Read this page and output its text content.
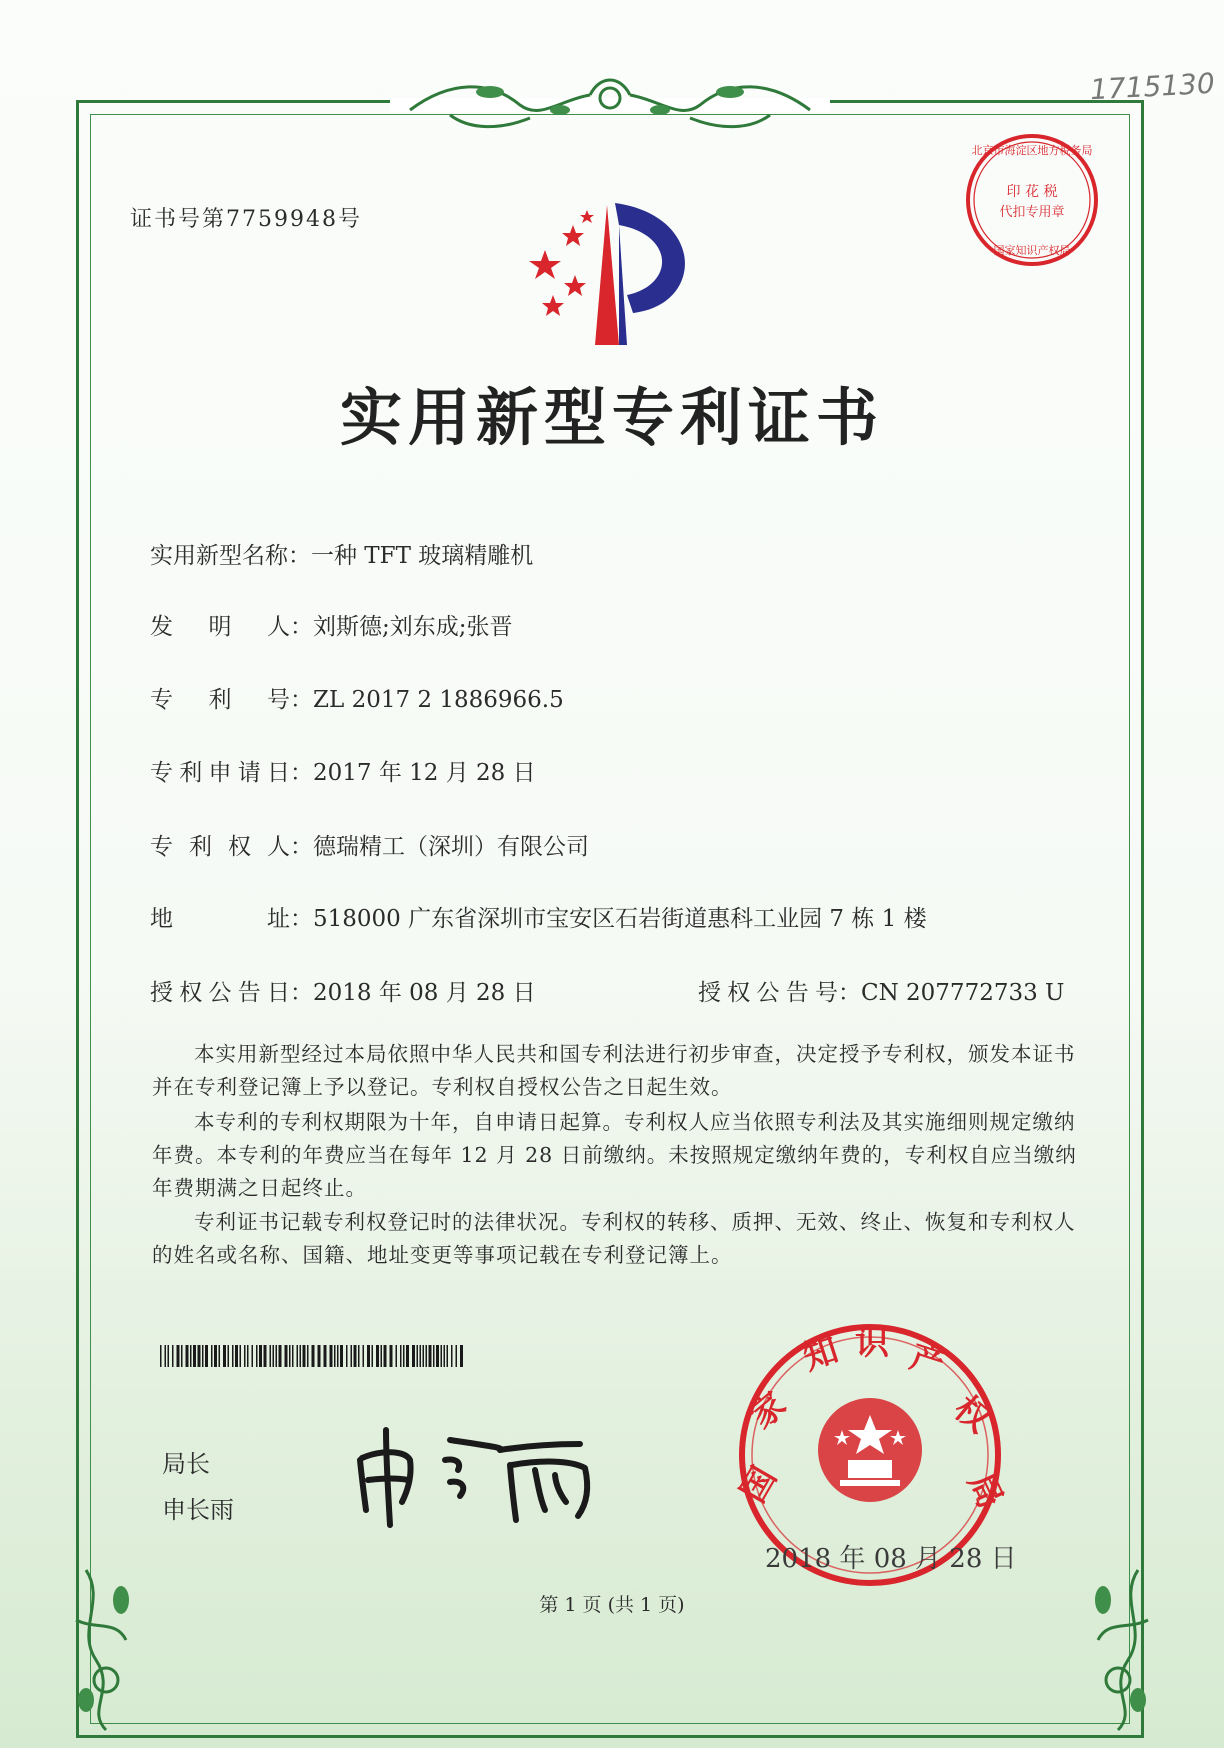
1715130
证书号第7759948号
实用新型专利证书
实用新型名称：一种 TFT 玻璃精雕机
发明人：刘斯德;刘东成;张晋
专利号：ZL 2017 2 1886966.5
专利申请日：2017 年 12 月 28 日
专利权人：德瑞精工（深圳）有限公司
地址：518000 广东省深圳市宝安区石岩街道惠科工业园 7 栋 1 楼
授权公告日：2018 年 08 月 28 日	授权公告号：CN 207772733 U
本实用新型经过本局依照中华人民共和国专利法进行初步审查，决定授予专利权，颁发本证书并在专利登记簿上予以登记。专利权自授权公告之日起生效。
本专利的专利权期限为十年，自申请日起算。专利权人应当依照专利法及其实施细则规定缴纳年费。本专利的年费应当在每年 12 月 28 日前缴纳。未按照规定缴纳年费的，专利权自应当缴纳年费期满之日起终止。
专利证书记载专利权登记时的法律状况。专利权的转移、质押、无效、终止、恢复和专利权人的姓名或名称、国籍、地址变更等事项记载在专利登记簿上。
局长
申长雨
北京市海淀区地方税务局
印 花 税
代扣专用章
国家知识产权局
国
家
知 识 产
权
局
2018 年 08 月 28 日
第 1 页 (共 1 页)
